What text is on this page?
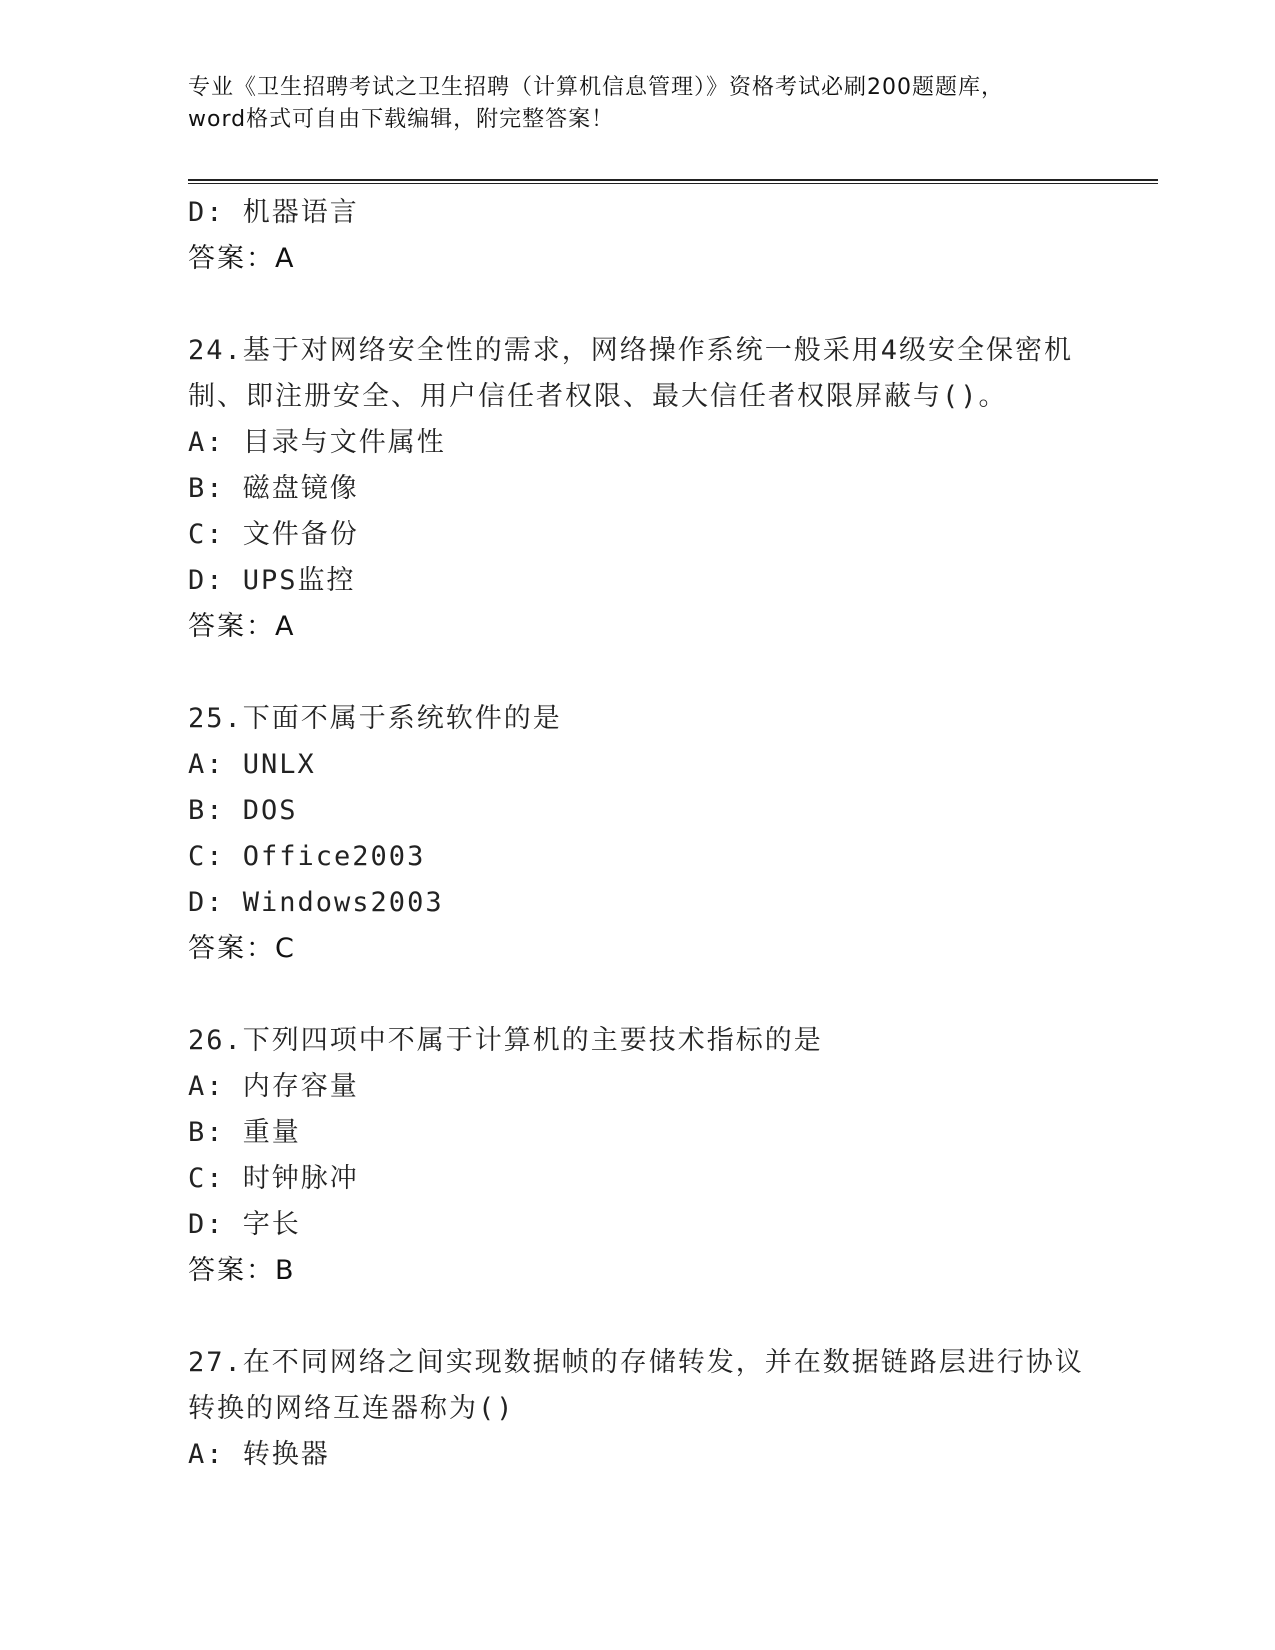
专业《卫生招聘考试之卫生招聘（计算机信息管理）》资格考试必刷200题题库，
word格式可自由下载编辑，附完整答案！
D: 机器语言
答案：A
24.基于对网络安全性的需求，网络操作系统一般采用4级安全保密机
制、即注册安全、用户信任者权限、最大信任者权限屏蔽与()。
A: 目录与文件属性
B: 磁盘镜像
C: 文件备份
D: UPS监控
答案：A
25.下面不属于系统软件的是
A: UNLX
B: DOS
C: Office2003
D: Windows2003
答案：C
26.下列四项中不属于计算机的主要技术指标的是
A: 内存容量
B: 重量
C: 时钟脉冲
D: 字长
答案：B
27.在不同网络之间实现数据帧的存储转发，并在数据链路层进行协议
转换的网络互连器称为()
A: 转换器
